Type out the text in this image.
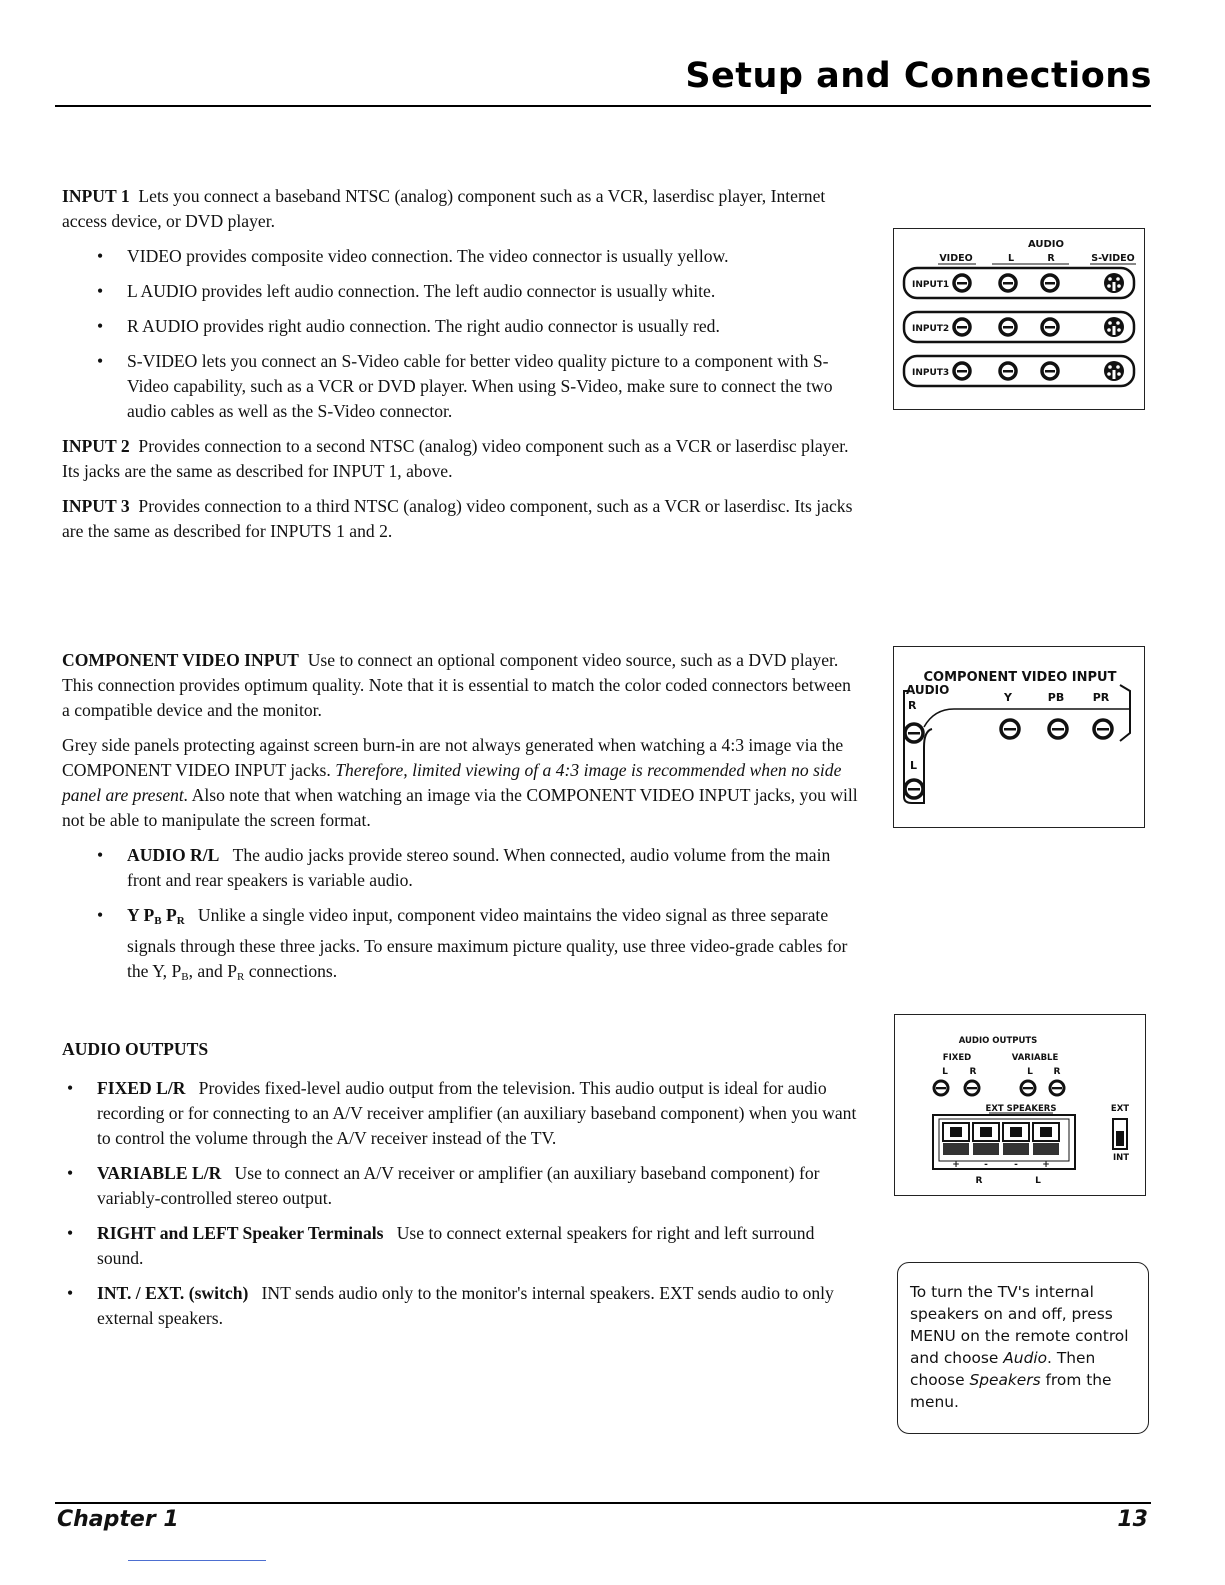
Setup and Connections

INPUT 1 Lets you connect a baseband NTSC (analog) component such as a VCR, laserdisc player, Internet access device, or DVD player.

• VIDEO provides composite video connection. The video connector is usually yellow.
• L AUDIO provides left audio connection. The left audio connector is usually white.
• R AUDIO provides right audio connection. The right audio connector is usually red.
• S-VIDEO lets you connect an S-Video cable for better video quality picture to a component with S-Video capability, such as a VCR or DVD player. When using S-Video, make sure to connect the two audio cables as well as the S-Video connector.

INPUT 2 Provides connection to a second NTSC (analog) video component such as a VCR or laserdisc player. Its jacks are the same as described for INPUT 1, above.

INPUT 3 Provides connection to a third NTSC (analog) video component, such as a VCR or laserdisc. Its jacks are the same as described for INPUTS 1 and 2.

COMPONENT VIDEO INPUT Use to connect an optional component video source, such as a DVD player. This connection provides optimum quality. Note that it is essential to match the color coded connectors between a compatible device and the monitor.

Grey side panels protecting against screen burn-in are not always generated when watching a 4:3 image via the COMPONENT VIDEO INPUT jacks. Therefore, limited viewing of a 4:3 image is recommended when no side panel are present. Also note that when watching an image via the COMPONENT VIDEO INPUT jacks, you will not be able to manipulate the screen format.

• AUDIO R/L The audio jacks provide stereo sound. When connected, audio volume from the main front and rear speakers is variable audio.
• Y $P_B$ $P_R$ Unlike a single video input, component video maintains the video signal as three separate signals through these three jacks. To ensure maximum picture quality, use three video-grade cables for the Y, $P_B$, and $P_R$ connections.

AUDIO OUTPUTS

• FIXED L/R Provides fixed-level audio output from the television. This audio output is ideal for audio recording or for connecting to an A/V receiver amplifier (an auxiliary baseband component) when you want to control the volume through the A/V receiver instead of the TV.
• VARIABLE L/R Use to connect an A/V receiver or amplifier (an auxiliary baseband component) for variably-controlled stereo output.
• RIGHT and LEFT Speaker Terminals Use to connect external speakers for right and left surround sound.
• INT. / EXT. (switch) INT sends audio only to the monitor's internal speakers. EXT sends audio to only external speakers.
AUDIO
VIDEO	L	R	S-VIDEO
INPUT1
INPUT2
INPUT3
COMPONENT VIDEO INPUT
AUDIO
R
Y	PB	PR
L
AUDIO OUTPUTS
FIXED	VARIABLE
L R	L R
EXT SPEAKERS
+	-	-	+
R	L
EXT
INT
To turn the TV's internal speakers on and off, press MENU on the remote control and choose Audio. Then choose Speakers from the menu.
Chapter 1	13
